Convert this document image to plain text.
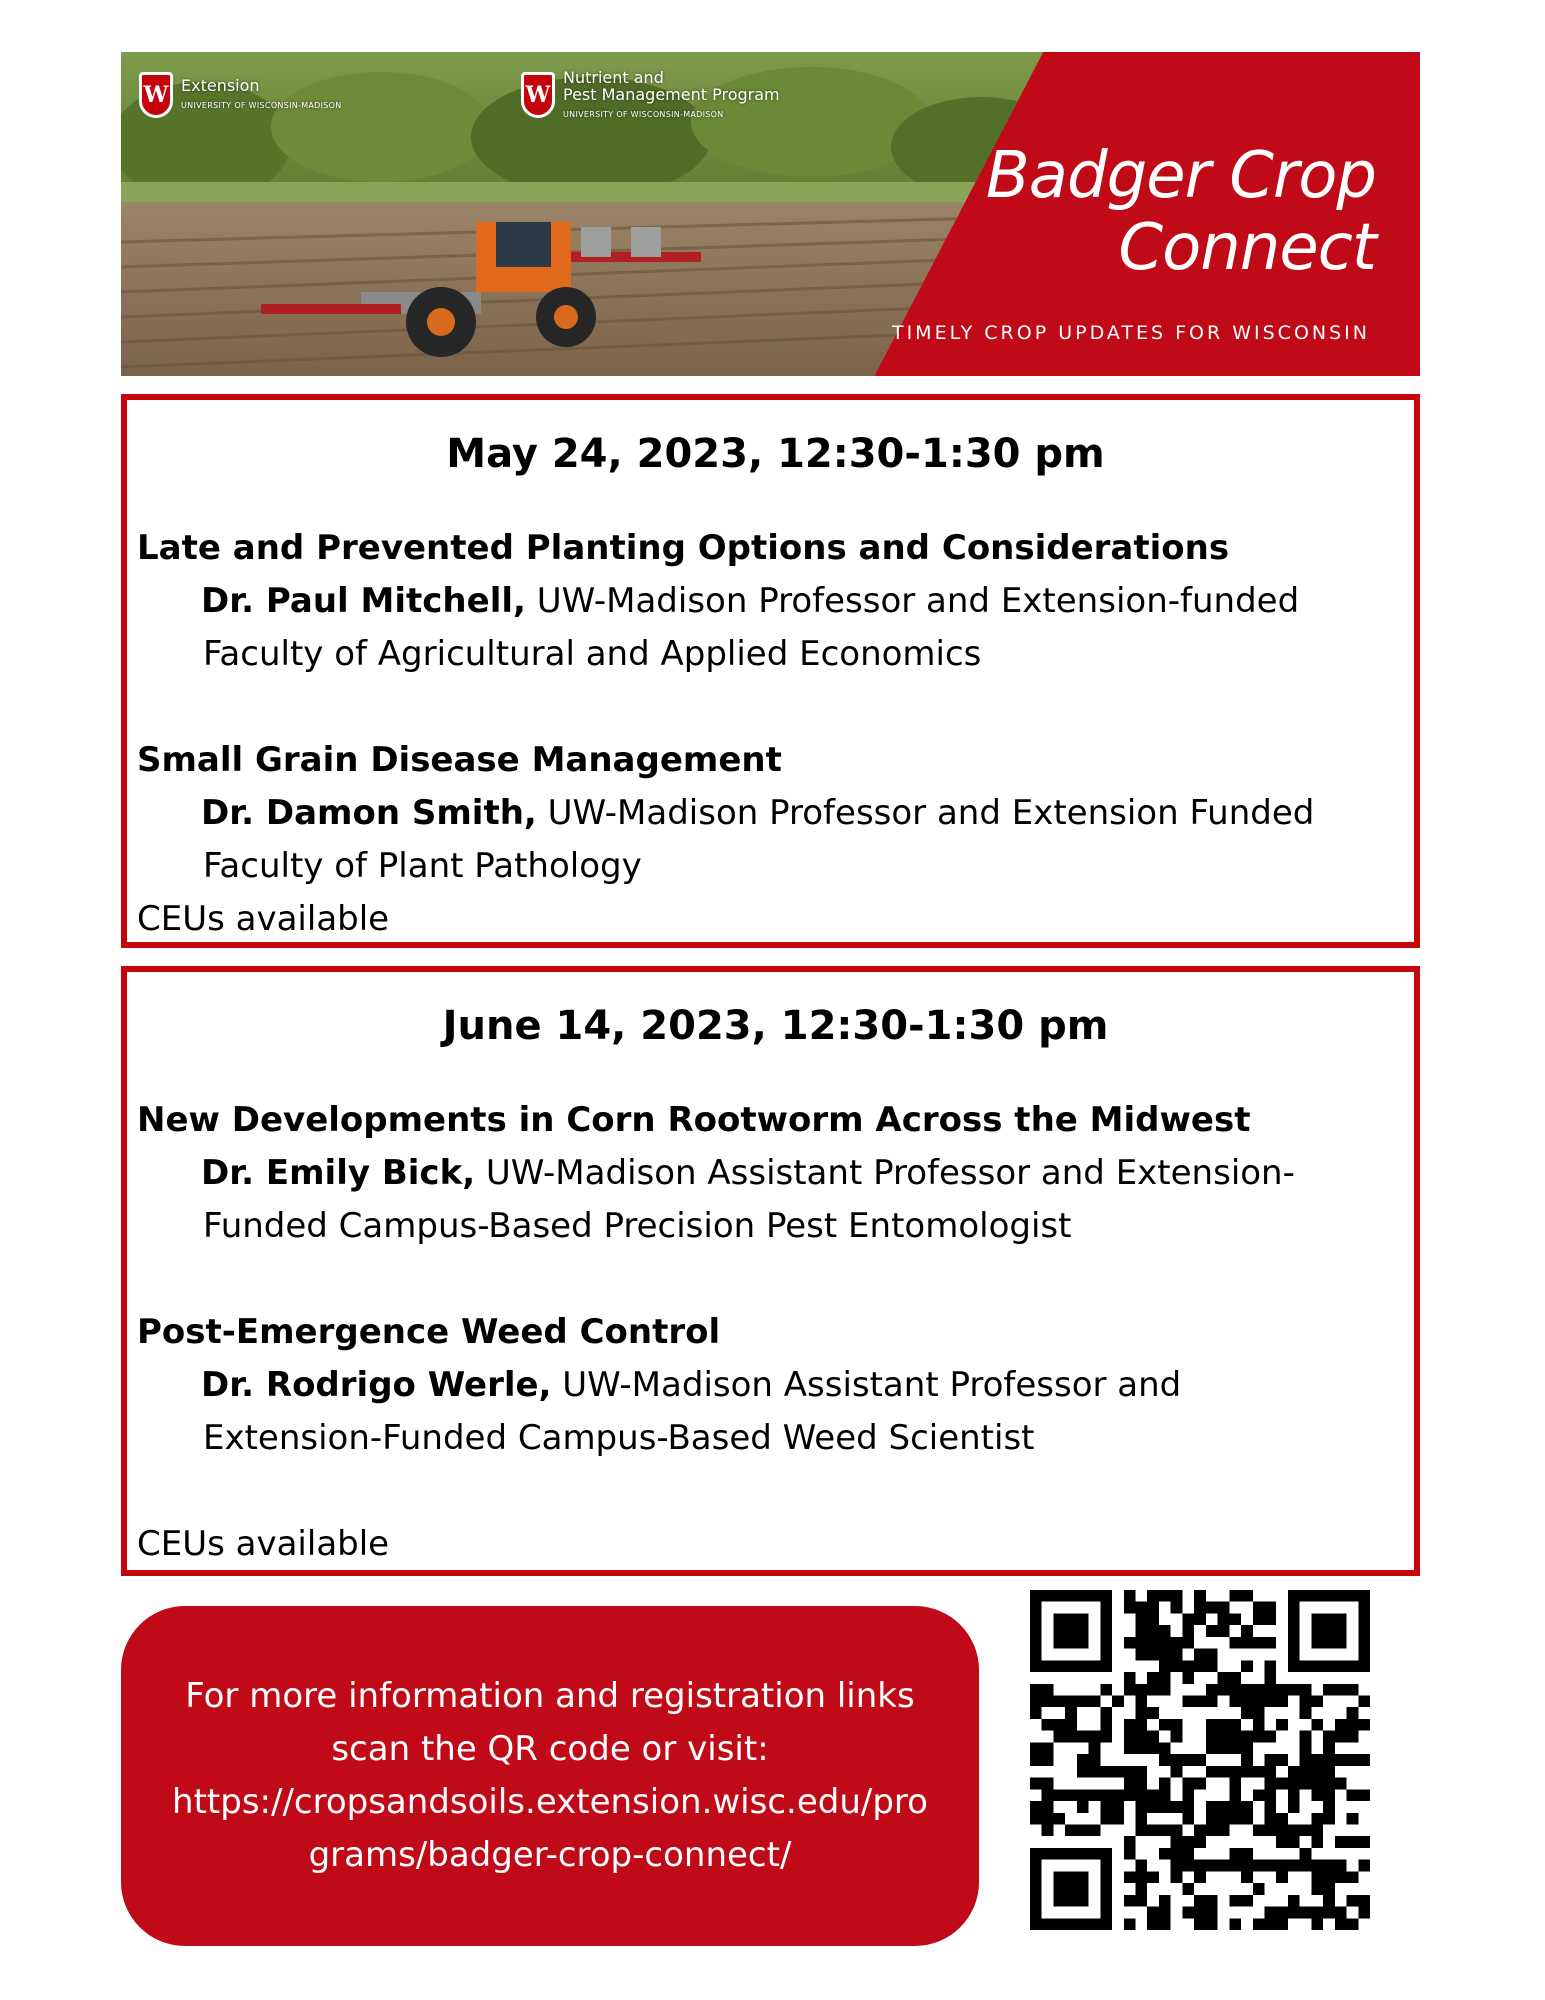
W Extension
UNIVERSITY OF WISCONSIN-MADISON	W
Nutrient and
Pest Management Program
UNIVERSITY OF WISCONSIN-MADISON
Badger Crop
Connect
TIMELY CROP UPDATES FOR WISCONSIN
May 24, 2023, 12:30-1:30 pm
Late and Prevented Planting Options and Considerations
Dr. Paul Mitchell, UW-Madison Professor and Extension-funded
Faculty of Agricultural and Applied Economics
Small Grain Disease Management
Dr. Damon Smith, UW-Madison Professor and Extension Funded
Faculty of Plant Pathology
CEUs available
June 14, 2023, 12:30-1:30 pm
New Developments in Corn Rootworm Across the Midwest
Dr. Emily Bick, UW-Madison Assistant Professor and Extension-
Funded Campus-Based Precision Pest Entomologist
Post-Emergence Weed Control
Dr. Rodrigo Werle, UW-Madison Assistant Professor and
Extension-Funded Campus-Based Weed Scientist
CEUs available
For more information and registration links
scan the QR code or visit:
https://cropsandsoils.extension.wisc.edu/pro
grams/badger-crop-connect/
